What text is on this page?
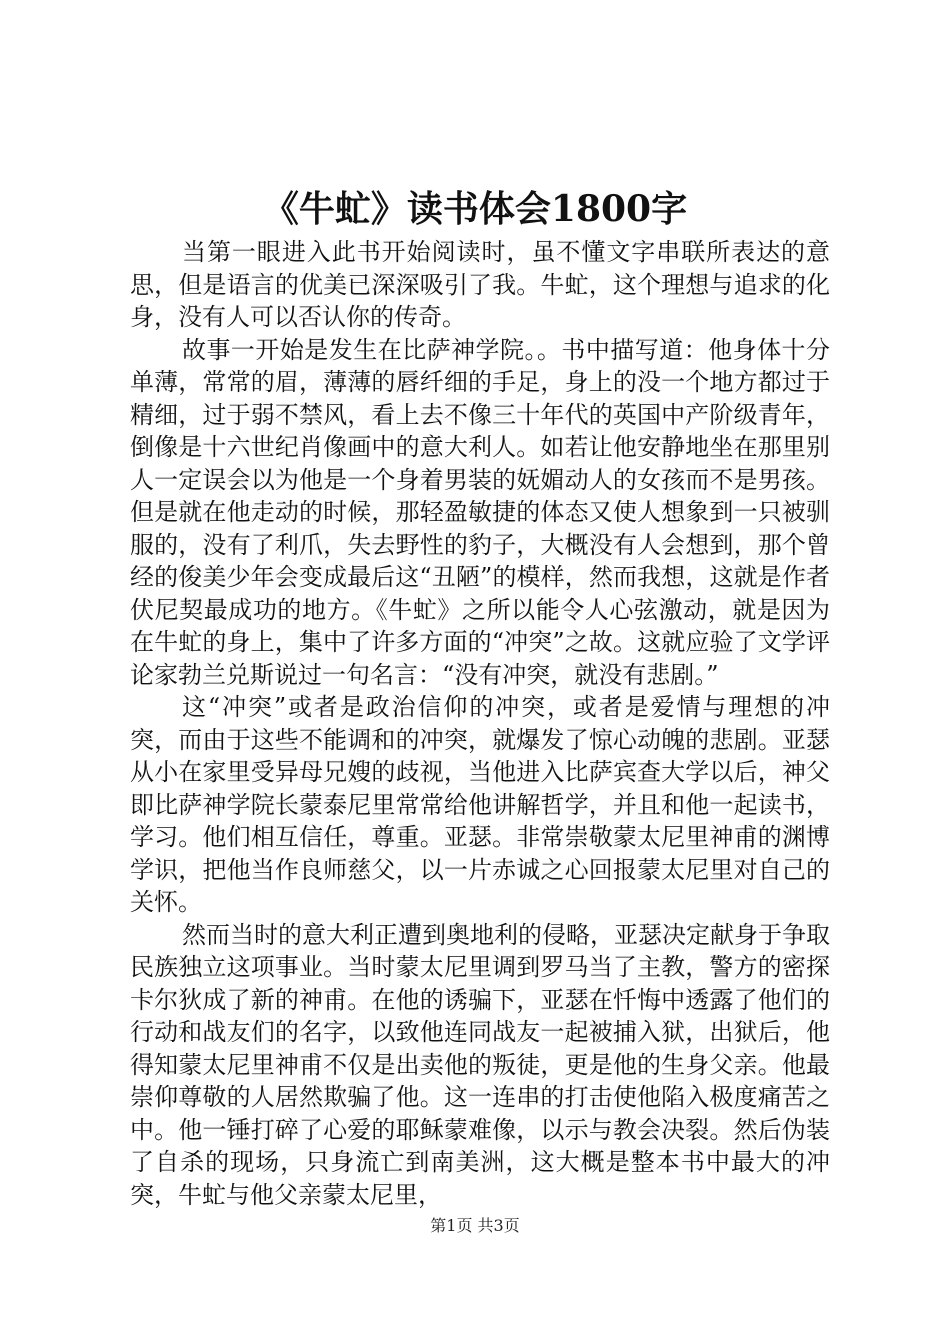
《牛虻》读书体会1800字

当第一眼进入此书开始阅读时，虽不懂文字串联所表达的意思，但是语言的优美已深深吸引了我。牛虻，这个理想与追求的化身，没有人可以否认你的传奇。

故事一开始是发生在比萨神学院。。书中描写道：他身体十分单薄，常常的眉，薄薄的唇纤细的手足，身上的没一个地方都过于精细，过于弱不禁风，看上去不像三十年代的英国中产阶级青年，倒像是十六世纪肖像画中的意大利人。如若让他安静地坐在那里别人一定误会以为他是一个身着男装的妩媚动人的女孩而不是男孩。但是就在他走动的时候，那轻盈敏捷的体态又使人想象到一只被驯服的，没有了利爪，失去野性的豹子，大概没有人会想到，那个曾经的俊美少年会变成最后这“丑陋”的模样，然而我想，这就是作者伏尼契最成功的地方。《牛虻》之所以能令人心弦激动，就是因为在牛虻的身上，集中了许多方面的“冲突”之故。这就应验了文学评论家勃兰兑斯说过一句名言：“没有冲突，就没有悲剧。”

这“冲突”或者是政治信仰的冲突，或者是爱情与理想的冲突，而由于这些不能调和的冲突，就爆发了惊心动魄的悲剧。亚瑟从小在家里受异母兄嫂的歧视，当他进入比萨宾查大学以后，神父即比萨神学院长蒙泰尼里常常给他讲解哲学，并且和他一起读书，学习。他们相互信任，尊重。亚瑟。非常崇敬蒙太尼里神甫的渊博学识，把他当作良师慈父，以一片赤诚之心回报蒙太尼里对自己的关怀。

然而当时的意大利正遭到奥地利的侵略，亚瑟决定献身于争取民族独立这项事业。当时蒙太尼里调到罗马当了主教，警方的密探卡尔狄成了新的神甫。在他的诱骗下，亚瑟在忏悔中透露了他们的行动和战友们的名字，以致他连同战友一起被捕入狱，出狱后，他得知蒙太尼里神甫不仅是出卖他的叛徒，更是他的生身父亲。他最崇仰尊敬的人居然欺骗了他。这一连串的打击使他陷入极度痛苦之中。他一锤打碎了心爱的耶稣蒙难像，以示与教会决裂。然后伪装了自杀的现场，只身流亡到南美洲，这大概是整本书中最大的冲突，牛虻与他父亲蒙太尼里，

第1页 共3页
